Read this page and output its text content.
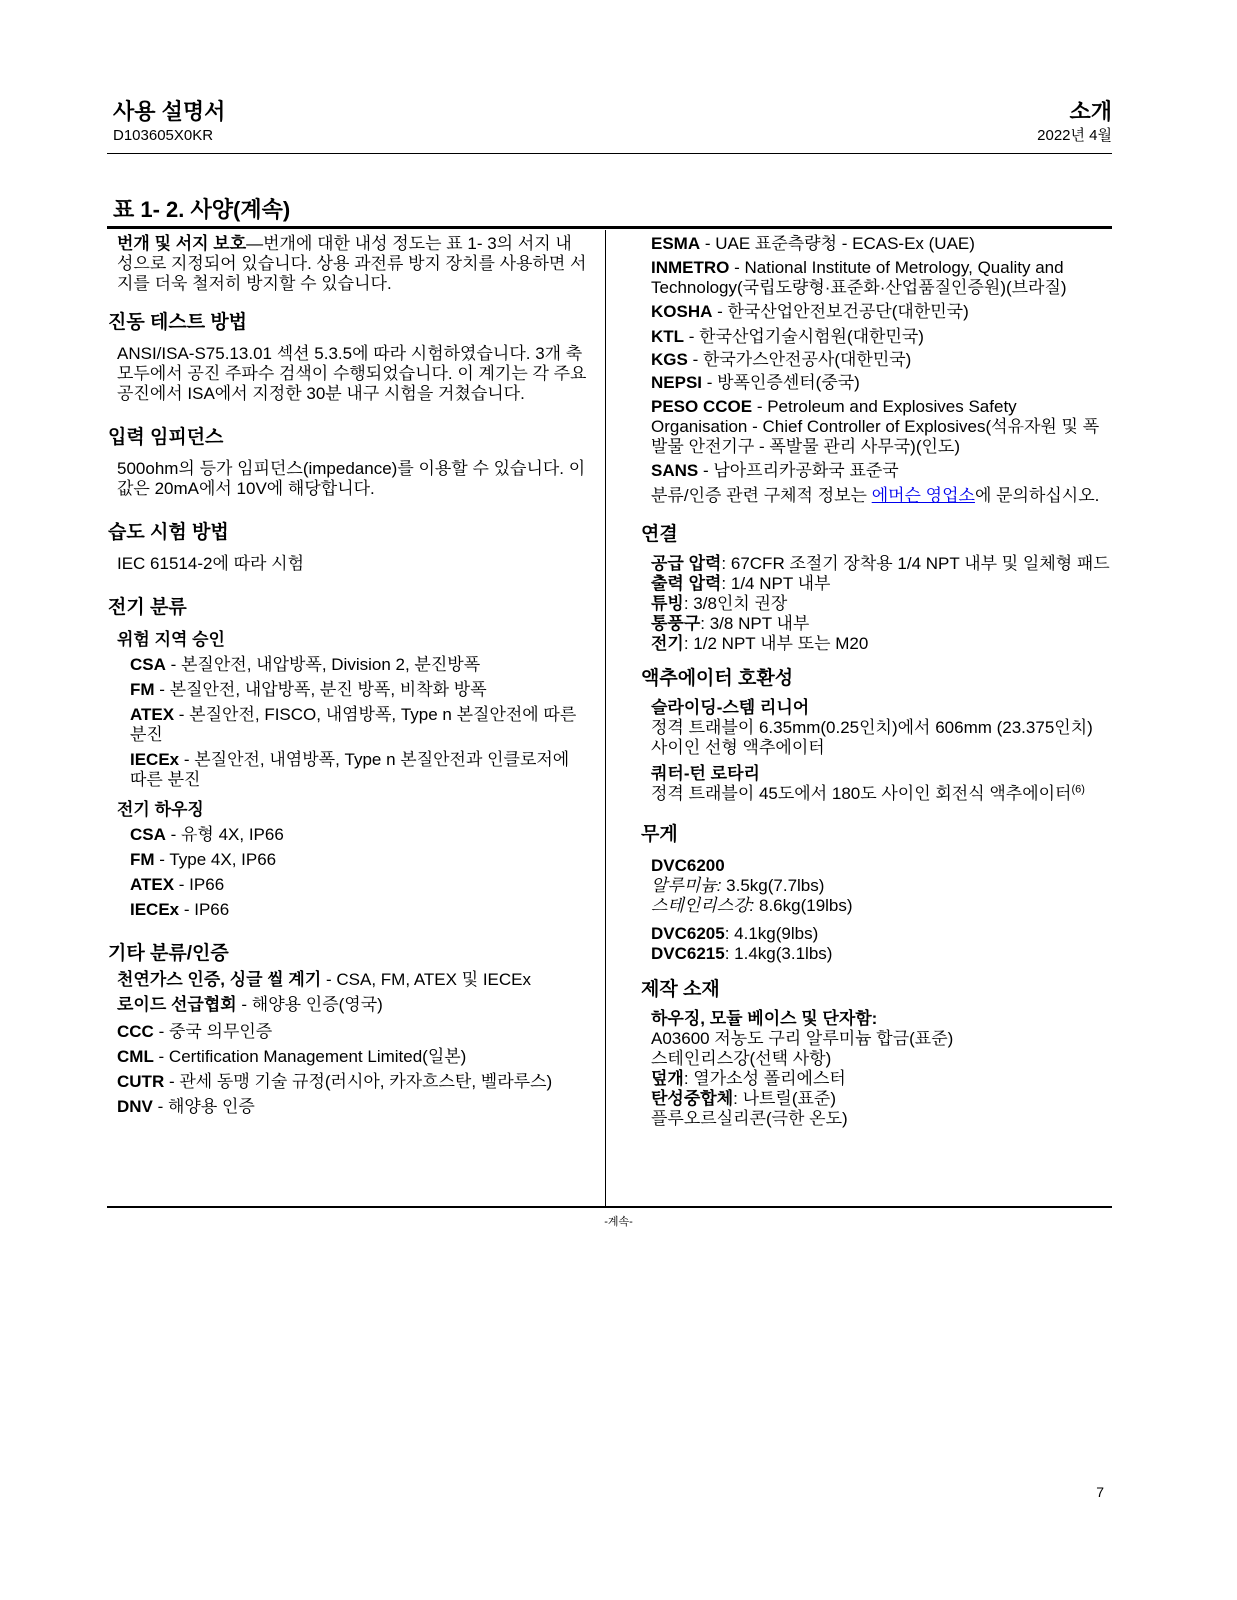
사용 설명서
D103605X0KR
소개
2022년 4월
표 1- 2. 사양(계속)
번개 및 서지 보호—번개에 대한 내성 정도는 표 1- 3의 서지 내성으로 지정되어 있습니다. 상용 과전류 방지 장치를 사용하면 서지를 더욱 철저히 방지할 수 있습니다.
진동 테스트 방법
ANSI/ISA-S75.13.01 섹션 5.3.5에 따라 시험하였습니다. 3개 축 모두에서 공진 주파수 검색이 수행되었습니다. 이 계기는 각 주요 공진에서 ISA에서 지정한 30분 내구 시험을 거쳤습니다.
입력 임피던스
500ohm의 등가 임피던스(impedance)를 이용할 수 있습니다. 이 값은 20mA에서 10V에 해당합니다.
습도 시험 방법
IEC 61514-2에 따라 시험
전기 분류
위험 지역 승인
CSA - 본질안전, 내압방폭, Division 2, 분진방폭
FM - 본질안전, 내압방폭, 분진 방폭, 비착화 방폭
ATEX - 본질안전, FISCO, 내염방폭, Type n 본질안전에 따른 분진
IECEx - 본질안전, 내염방폭, Type n 본질안전과 인클로저에 따른 분진
전기 하우징
CSA - 유형 4X, IP66
FM - Type 4X, IP66
ATEX - IP66
IECEx - IP66
기타 분류/인증
천연가스 인증, 싱글 씰 계기 - CSA, FM, ATEX 및 IECEx
로이드 선급협회 - 해양용 인증(영국)
CCC - 중국 의무인증
CML - Certification Management Limited(일본)
CUTR - 관세 동맹 기술 규정(러시아, 카자흐스탄, 벨라루스)
DNV - 해양용 인증
ESMA - UAE 표준측량청 - ECAS-Ex (UAE)
INMETRO - National Institute of Metrology, Quality and Technology(국립도량형·표준화·산업품질인증원)(브라질)
KOSHA - 한국산업안전보건공단(대한민국)
KTL - 한국산업기술시험원(대한민국)
KGS - 한국가스안전공사(대한민국)
NEPSI - 방폭인증센터(중국)
PESO CCOE - Petroleum and Explosives Safety Organisation - Chief Controller of Explosives(석유자원 및 폭발물 안전기구 - 폭발물 관리 사무국)(인도)
SANS - 남아프리카공화국 표준국
분류/인증 관련 구체적 정보는 에머슨 영업소에 문의하십시오.
연결
공급 압력: 67CFR 조절기 장착용 1/4 NPT 내부 및 일체형 패드
출력 압력: 1/4 NPT 내부
튜빙: 3/8인치 권장
통풍구: 3/8 NPT 내부
전기: 1/2 NPT 내부 또는 M20
액추에이터 호환성
슬라이딩-스템 리니어
정격 트래블이 6.35mm(0.25인치)에서 606mm (23.375인치) 사이인 선형 액추에이터
쿼터-턴 로타리
정격 트래블이 45도에서 180도 사이인 회전식 액추에이터$^{(6)}$
무게
DVC6200
알루미늄: 3.5kg(7.7lbs)
스테인리스강: 8.6kg(19lbs)
DVC6205: 4.1kg(9lbs)
DVC6215: 1.4kg(3.1lbs)
제작 소재
하우징, 모듈 베이스 및 단자함:
A03600 저농도 구리 알루미늄 합금(표준)
스테인리스강(선택 사항)
덮개: 열가소성 폴리에스터
탄성중합체: 나트릴(표준)
플루오르실리콘(극한 온도)
-계속-
7
